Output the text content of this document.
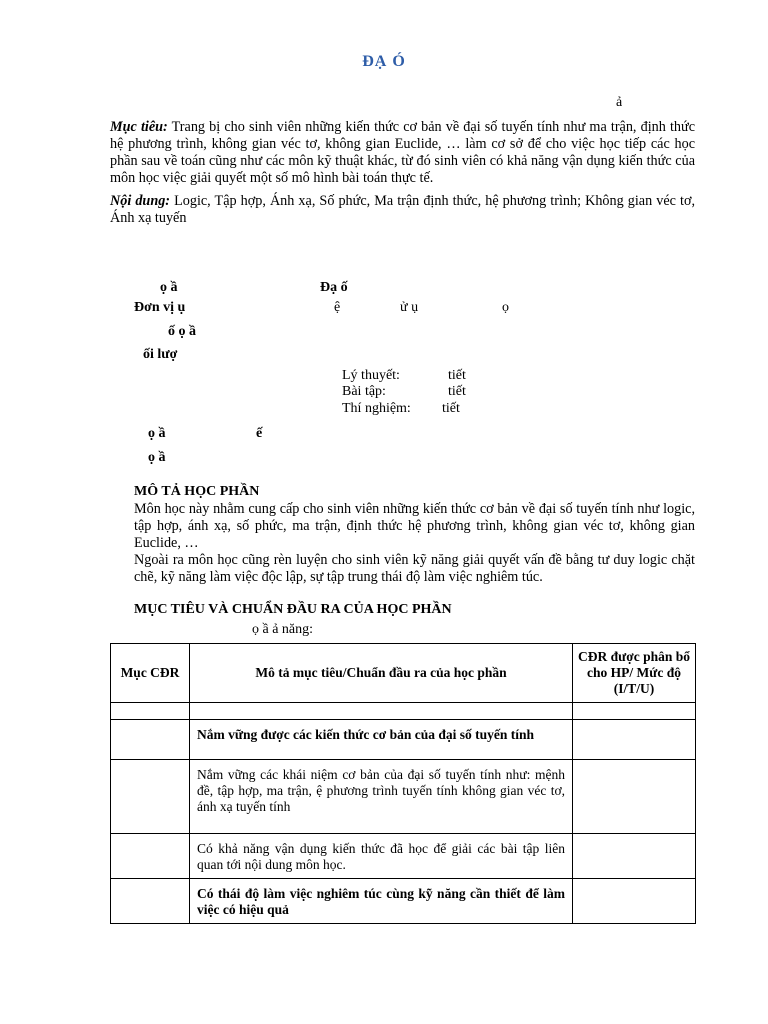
ĐẠ Ó
ả
Mục tiêu: Trang bị cho sinh viên những kiến thức cơ bản về đại số tuyến tính như ma trận, định thức hệ phương trình, không gian véc tơ, không gian Euclide, … làm cơ sở để cho việc học tiếp các học phần sau về toán cũng như các môn kỹ thuật khác, từ đó sinh viên có khả năng vận dụng kiến thức của môn học việc giải quyết một số mô hình bài toán thực tế.
Nội dung: Logic, Tập hợp, Ánh xạ, Số phức, Ma trận định thức, hệ phương trình; Không gian véc tơ, Ánh xạ tuyến
ọ ầ	Đạ ố
Đơn vị ụ	ệ	ử ụ	ọ
ố ọ ầ
ối lượ
Lý thuyết:	tiết
Bài tập:	tiết
Thí nghiệm: tiết
ọ ầ	ế
ọ ầ
MÔ TẢ HỌC PHẦN
Môn học này nhằm cung cấp cho sinh viên những kiến thức cơ bản về đại số tuyến tính như logic, tập hợp, ánh xạ, số phức, ma trận, định thức hệ phương trình, không gian véc tơ, không gian Euclide, …
Ngoài ra môn học cũng rèn luyện cho sinh viên kỹ năng giải quyết vấn đề bằng tư duy logic chặt chẽ, kỹ năng làm việc độc lập, sự tập trung thái độ làm việc nghiêm túc.
MỤC TIÊU VÀ CHUẨN ĐẦU RA CỦA HỌC PHẦN
ọ ầ ả năng:
Mục CĐR	Mô tả mục tiêu/Chuẩn đầu ra của học phần	CĐR được phân bổ cho HP/ Mức độ (I/T/U)

	Nắm vững được các kiến thức cơ bản của đại số tuyến tính	

	Nắm vững các khái niệm cơ bản của đại số tuyến tính như: mệnh đề, tập hợp, ma trận, ệ phương trình tuyến tính không gian véc tơ, ánh xạ tuyến tính	

	Có khả năng vận dụng kiến thức đã học để giải các bài tập liên quan tới nội dung môn học.	

	Có thái độ làm việc nghiêm túc cùng kỹ năng cần thiết để làm việc có hiệu quả	
